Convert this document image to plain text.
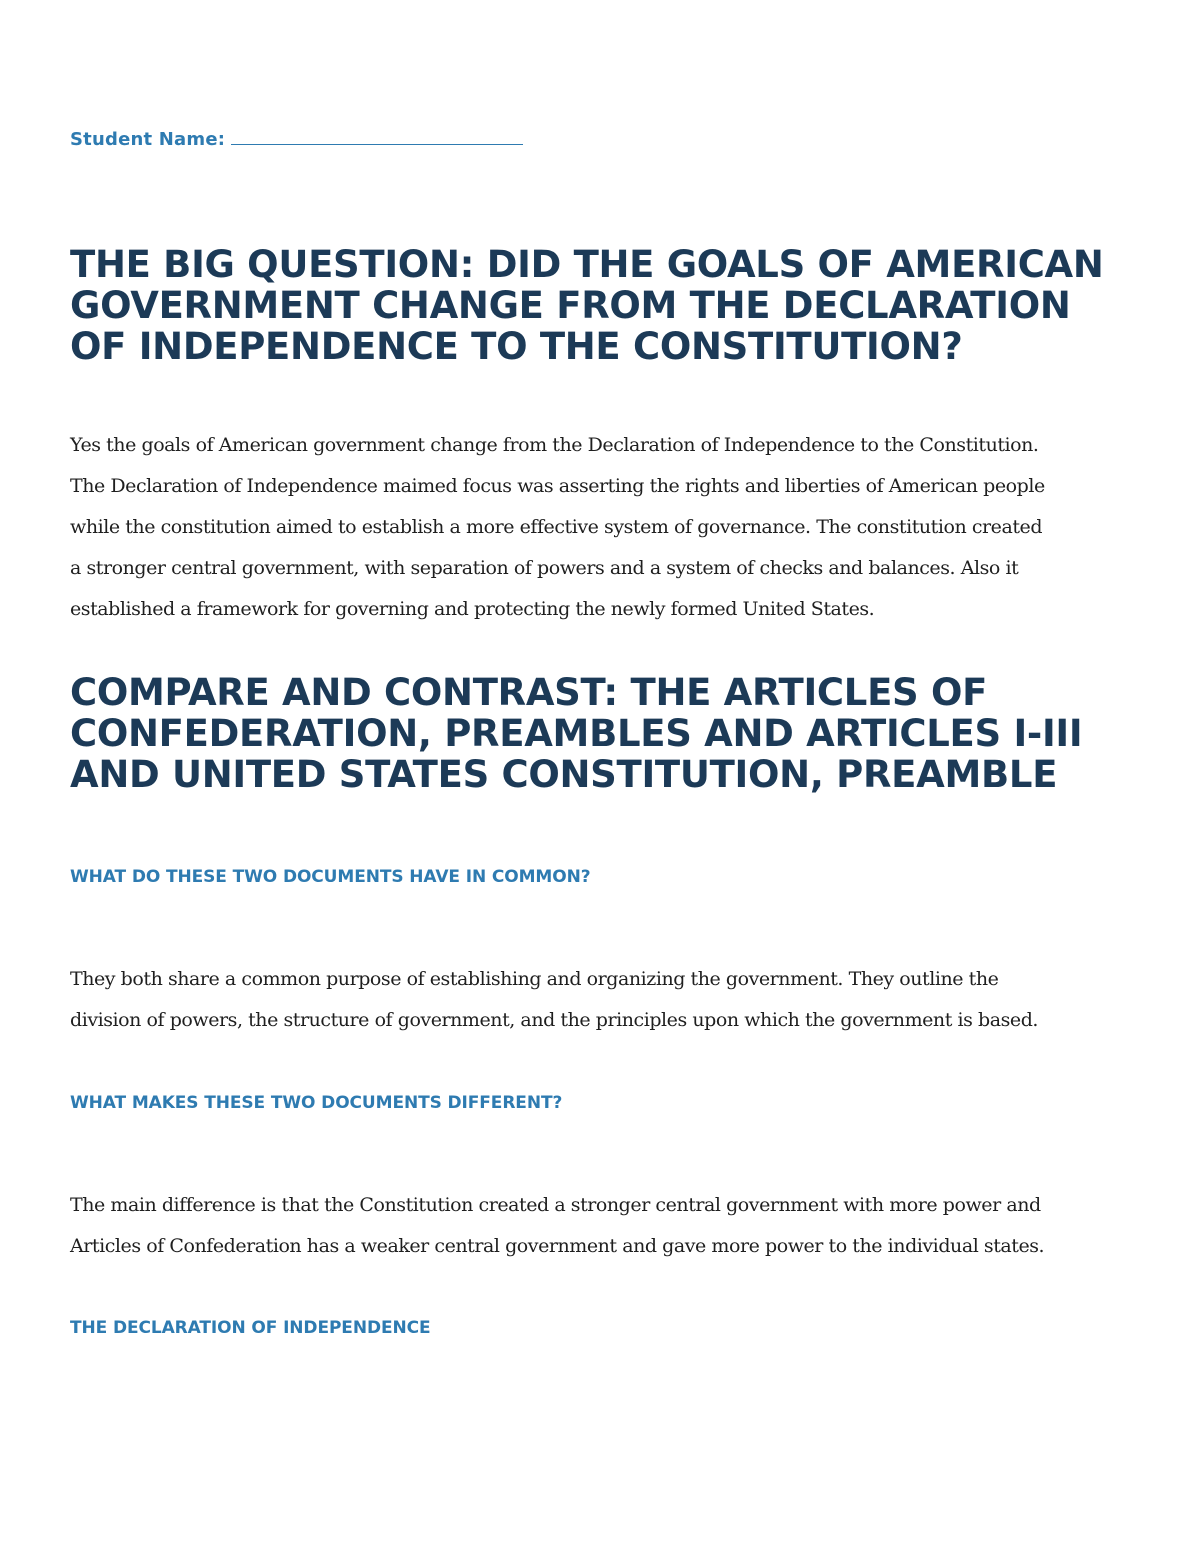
Student Name:
THE BIG QUESTION: DID THE GOALS OF AMERICAN
GOVERNMENT CHANGE FROM THE DECLARATION
OF INDEPENDENCE TO THE CONSTITUTION?
Yes the goals of American government change from the Declaration of Independence to the Constitution.
The Declaration of Independence maimed focus was asserting the rights and liberties of American people
while the constitution aimed to establish a more effective system of governance. The constitution created
a stronger central government, with separation of powers and a system of checks and balances. Also it
established a framework for governing and protecting the newly formed United States.
COMPARE AND CONTRAST: THE ARTICLES OF
CONFEDERATION, PREAMBLES AND ARTICLES I-III
AND UNITED STATES CONSTITUTION, PREAMBLE
WHAT DO THESE TWO DOCUMENTS HAVE IN COMMON?
They both share a common purpose of establishing and organizing the government. They outline the
division of powers, the structure of government, and the principles upon which the government is based.
WHAT MAKES THESE TWO DOCUMENTS DIFFERENT?
The main difference is that the Constitution created a stronger central government with more power and
Articles of Confederation has a weaker central government and gave more power to the individual states.
THE DECLARATION OF INDEPENDENCE
